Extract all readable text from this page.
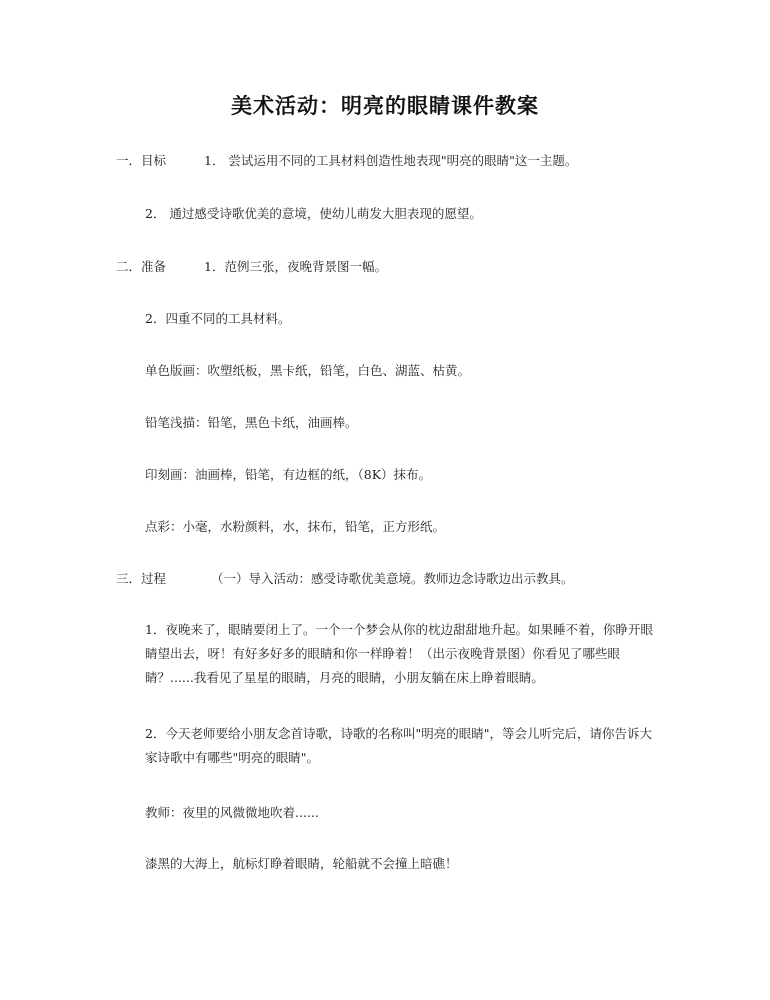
美术活动：明亮的眼睛课件教案
一．目标	1． 尝试运用不同的工具材料创造性地表现"明亮的眼睛"这一主题。
2． 通过感受诗歌优美的意境，使幼儿萌发大胆表现的愿望。
二．准备	1．范例三张，夜晚背景图一幅。
2．四重不同的工具材料。
单色版画：吹塑纸板，黑卡纸，铅笔，白色、湖蓝、枯黄。
铅笔浅描：铅笔，黑色卡纸，油画棒。
印刻画：油画棒，铅笔，有边框的纸，（8K）抹布。
点彩：小毫，水粉颜料，水，抹布，铅笔，正方形纸。
三．过程	（一）导入活动：感受诗歌优美意境。教师边念诗歌边出示教具。
1．夜晚来了，眼睛要闭上了。一个一个梦会从你的枕边甜甜地升起。如果睡不着，你睁开眼睛望出去，呀！有好多好多的眼睛和你一样睁着！（出示夜晚背景图）你看见了哪些眼睛？......我看见了星星的眼睛，月亮的眼睛，小朋友躺在床上睁着眼睛。
2．今天老师要给小朋友念首诗歌，诗歌的名称叫"明亮的眼睛"，等会儿听完后，请你告诉大家诗歌中有哪些"明亮的眼睛"。
教师：夜里的风微微地吹着......
漆黑的大海上，航标灯睁着眼睛，轮船就不会撞上暗礁！
